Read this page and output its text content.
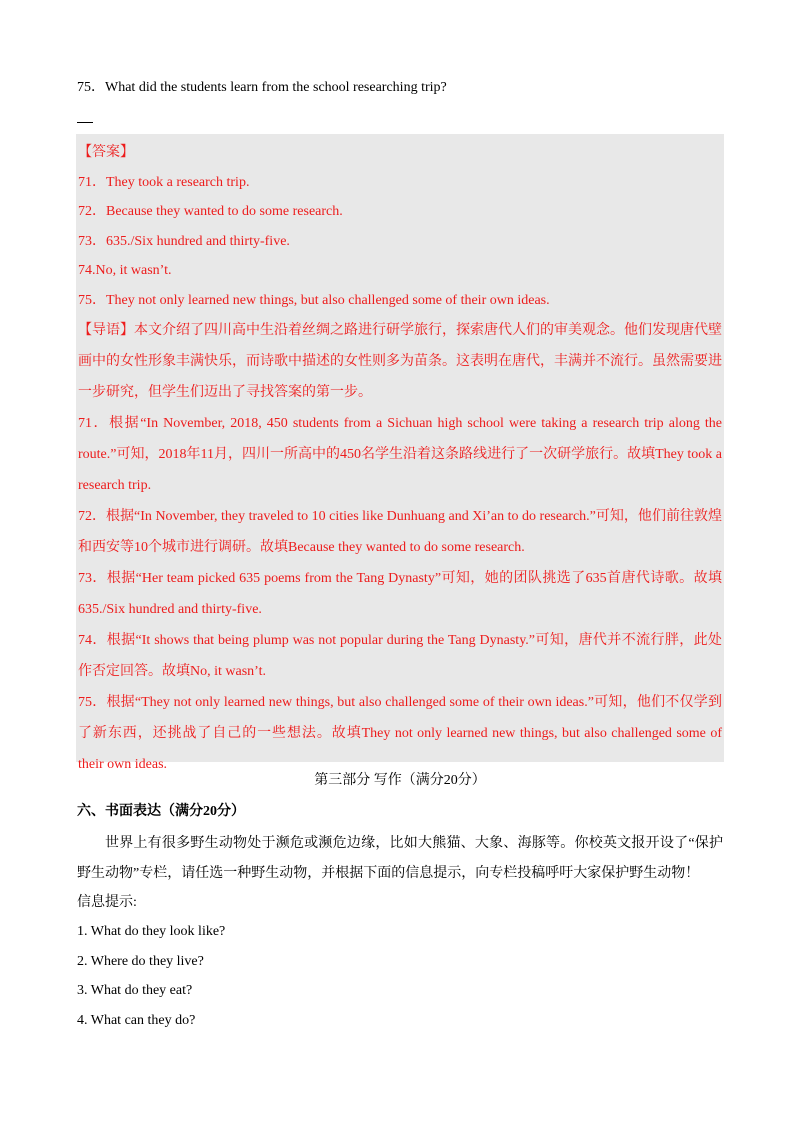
75．What did the students learn from the school researching trip?

【答案】

71．They took a research trip.

72．Because they wanted to do some research.

73．635./Six hundred and thirty-five.

74.No, it wasn’t.

75．They not only learned new things, but also challenged some of their own ideas.

【导语】本文介绍了四川高中生沿着丝绸之路进行研学旅行，探索唐代人们的审美观念。他们发现唐代壁画中的女性形象丰满快乐，而诗歌中描述的女性则多为苗条。这表明在唐代，丰满并不流行。虽然需要进一步研究，但学生们迈出了寻找答案的第一步。

71．根据“In November, 2018, 450 students from a Sichuan high school were taking a research trip along the route.”可知，2018年11月，四川一所高中的450名学生沿着这条路线进行了一次研学旅行。故填They took a research trip.

72．根据“In November, they traveled to 10 cities like Dunhuang and Xi’an to do research.”可知，他们前往敦煌和西安等10个城市进行调研。故填Because they wanted to do some research.

73．根据“Her team picked 635 poems from the Tang Dynasty”可知，她的团队挑选了635首唐代诗歌。故填635./Six hundred and thirty-five.

74．根据“It shows that being plump was not popular during the Tang Dynasty.”可知，唐代并不流行胖，此处作否定回答。故填No, it wasn’t.

75．根据“They not only learned new things, but also challenged some of their own ideas.”可知，他们不仅学到了新东西，还挑战了自己的一些想法。故填They not only learned new things, but also challenged some of their own ideas.

第三部分 写作（满分20分）
六、书面表达（满分20分）
世界上有很多野生动物处于濒危或濒危边缘，比如大熊猫、大象、海豚等。你校英文报开设了“保护野生动物”专栏，请任选一种野生动物，并根据下面的信息提示，向专栏投稿呼吁大家保护野生动物！
信息提示:
1. What do they look like?
2. Where do they live?
3. What do they eat?
4. What can they do?
